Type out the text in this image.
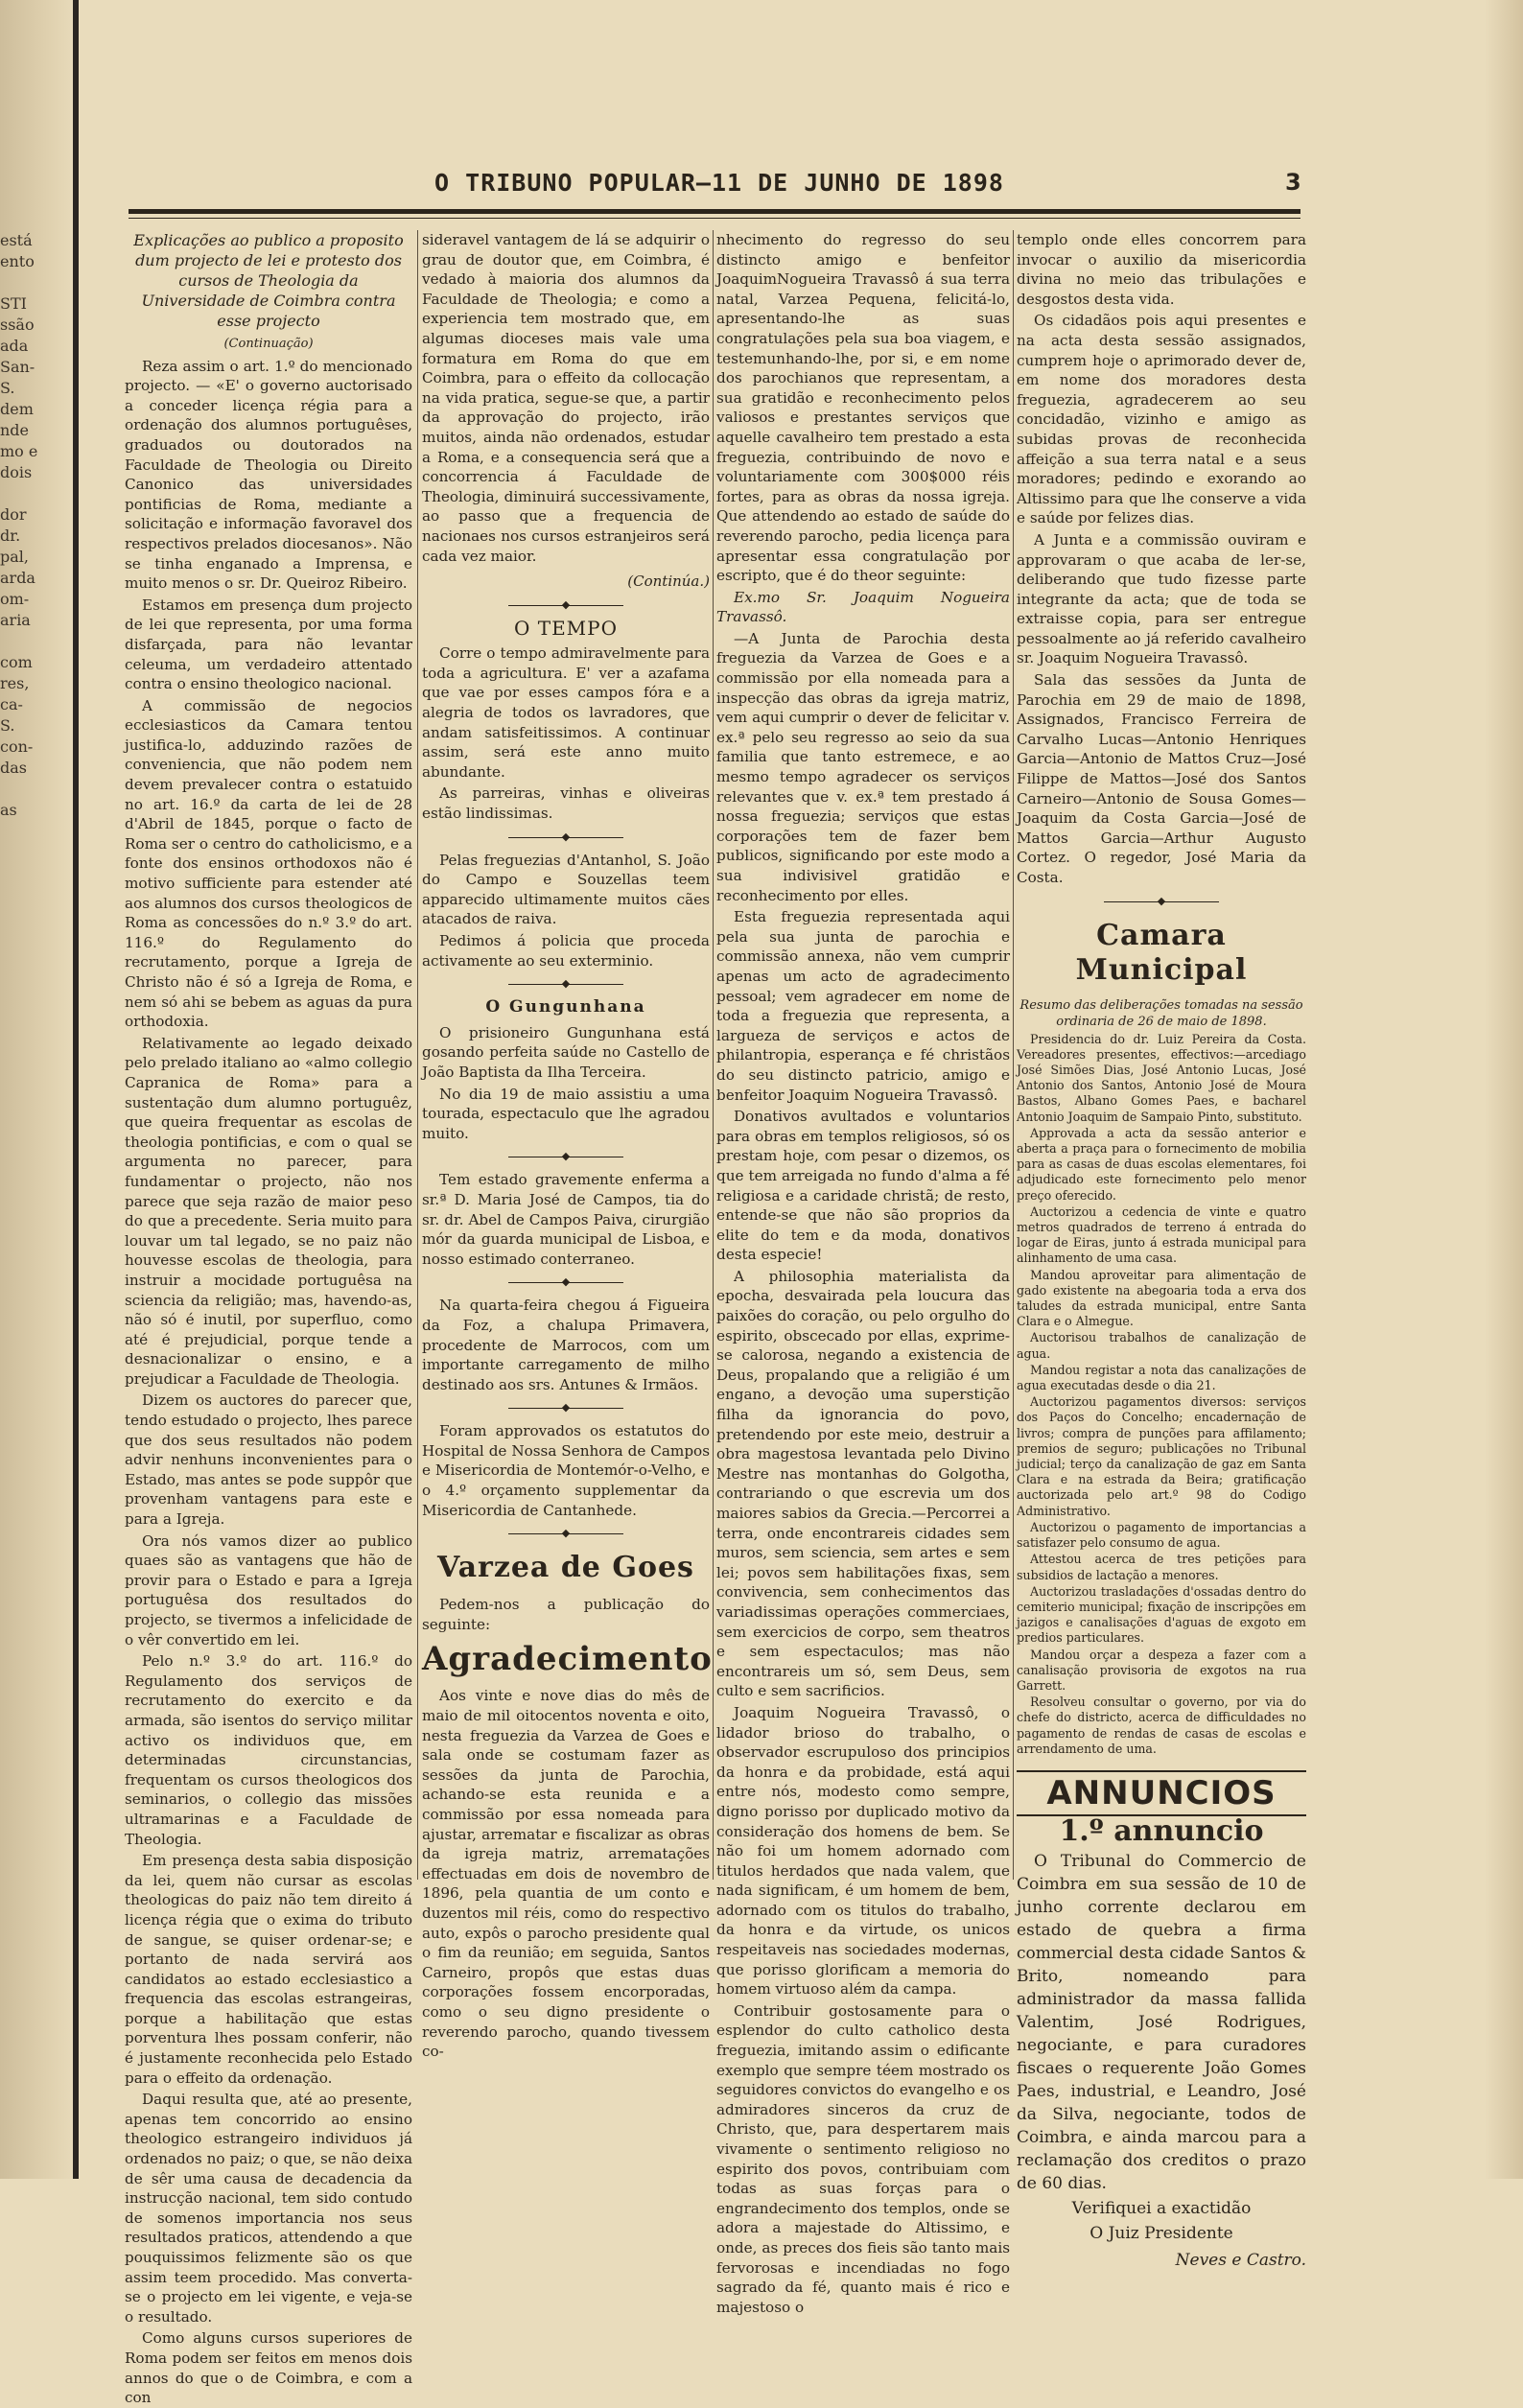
está
ento

STI
ssão
ada
San-
S.
dem
nde
mo e
dois

dor
dr.
pal,
arda
om-
aria

com
res,
ca-
S.
con-
das

as
O TRIBUNO POPULAR—11 DE JUNHO DE 1898	3
Explicações ao publico a proposito dum projecto de lei e protesto dos cursos de Theologia da Universidade de Coimbra contra esse projecto

(Continuação)

Reza assim o art. 1.º do mencionado projecto. — «E' o governo auctorisado a conceder licença régia para a ordenação dos alumnos portuguêses, graduados ou doutorados na Faculdade de Theologia ou Direito Canonico das universidades pontificias de Roma, mediante a solicitação e informação favoravel dos respectivos prelados diocesanos». Não se tinha enganado a Imprensa, e muito menos o sr. Dr. Queiroz Ribeiro.

Estamos em presença dum projecto de lei que representa, por uma forma disfarçada, para não levantar celeuma, um verdadeiro attentado contra o ensino theologico nacional.

A commissão de negocios ecclesiasticos da Camara tentou justifica-lo, adduzindo razões de conveniencia, que não podem nem devem prevalecer contra o estatuido no art. 16.º da carta de lei de 28 d'Abril de 1845, porque o facto de Roma ser o centro do catholicismo, e a fonte dos ensinos orthodoxos não é motivo sufficiente para estender até aos alumnos dos cursos theologicos de Roma as concessões do n.º 3.º do art. 116.º do Regulamento do recrutamento, porque a Igreja de Christo não é só a Igreja de Roma, e nem só ahi se bebem as aguas da pura orthodoxia.

Relativamente ao legado deixado pelo prelado italiano ao «almo collegio Capranica de Roma» para a sustentação dum alumno portuguêz, que queira frequentar as escolas de theologia pontificias, e com o qual se argumenta no parecer, para fundamentar o projecto, não nos parece que seja razão de maior peso do que a precedente. Seria muito para louvar um tal legado, se no paiz não houvesse escolas de theologia, para instruir a mocidade portuguêsa na sciencia da religião; mas, havendo-as, não só é inutil, por superfluo, como até é prejudicial, porque tende a desnacionalizar o ensino, e a prejudicar a Faculdade de Theologia.

Dizem os auctores do parecer que, tendo estudado o projecto, lhes parece que dos seus resultados não podem advir nenhuns inconvenientes para o Estado, mas antes se pode suppôr que provenham vantagens para este e para a Igreja.

Ora nós vamos dizer ao publico quaes são as vantagens que hão de provir para o Estado e para a Igreja portuguêsa dos resultados do projecto, se tivermos a infelicidade de o vêr convertido em lei.

Pelo n.º 3.º do art. 116.º do Regulamento dos serviços de recrutamento do exercito e da armada, são isentos do serviço militar activo os individuos que, em determinadas circunstancias, frequentam os cursos theologicos dos seminarios, o collegio das missões ultramarinas e a Faculdade de Theologia.

Em presença desta sabia disposição da lei, quem não cursar as escolas theologicas do paiz não tem direito á licença régia que o exima do tributo de sangue, se quiser ordenar-se; e portanto de nada servirá aos candidatos ao estado ecclesiastico a frequencia das escolas estrangeiras, porque a habilitação que estas porventura lhes possam conferir, não é justamente reconhecida pelo Estado para o effeito da ordenação.

Daqui resulta que, até ao presente, apenas tem concorrido ao ensino theologico estrangeiro individuos já ordenados no paiz; o que, se não deixa de sêr uma causa de decadencia da instrucção nacional, tem sido contudo de somenos importancia nos seus resultados praticos, attendendo a que pouquissimos felizmente são os que assim teem procedido. Mas converta-se o projecto em lei vigente, e veja-se o resultado.

Como alguns cursos superiores de Roma podem ser feitos em menos dois annos do que o de Coimbra, e com a con

sideravel vantagem de lá se adquirir o grau de doutor que, em Coimbra, é vedado à maioria dos alumnos da Faculdade de Theologia; e como a experiencia tem mostrado que, em algumas dioceses mais vale uma formatura em Roma do que em Coimbra, para o effeito da collocação na vida pratica, segue-se que, a partir da approvação do projecto, irão muitos, ainda não ordenados, estudar a Roma, e a consequencia será que a concorrencia á Faculdade de Theologia, diminuirá successivamente, ao passo que a frequencia de nacionaes nos cursos estranjeiros será cada vez maior.

(Continúa.)

◆
O TEMPO

Corre o tempo admiravelmente para toda a agricultura. E' ver a azafama que vae por esses campos fóra e a alegria de todos os lavradores, que andam satisfeitissimos. A continuar assim, será este anno muito abundante.

As parreiras, vinhas e oliveiras estão lindissimas.

◆

Pelas freguezias d'Antanhol, S. João do Campo e Souzellas teem apparecido ultimamente muitos cães atacados de raiva.

Pedimos á policia que proceda activamente ao seu exterminio.

◆
O Gungunhana

O prisioneiro Gungunhana está gosando perfeita saúde no Castello de João Baptista da Ilha Terceira.

No dia 19 de maio assistiu a uma tourada, espectaculo que lhe agradou muito.

◆

Tem estado gravemente enferma a sr.ª D. Maria José de Campos, tia do sr. dr. Abel de Campos Paiva, cirurgião mór da guarda municipal de Lisboa, e nosso estimado conterraneo.

◆

Na quarta-feira chegou á Figueira da Foz, a chalupa Primavera, procedente de Marrocos, com um importante carregamento de milho destinado aos srs. Antunes & Irmãos.

◆

Foram approvados os estatutos do Hospital de Nossa Senhora de Campos e Misericordia de Montemór-o-Velho, e o 4.º orçamento supplementar da Misericordia de Cantanhede.

◆
Varzea de Goes

Pedem-nos a publicação do seguinte:

Agradecimento

Aos vinte e nove dias do mês de maio de mil oitocentos noventa e oito, nesta freguezia da Varzea de Goes e sala onde se costumam fazer as sessões da junta de Parochia, achando-se esta reunida e a commissão por essa nomeada para ajustar, arrematar e fiscalizar as obras da igreja matriz, arrematações effectuadas em dois de novembro de 1896, pela quantia de um conto e duzentos mil réis, como do respectivo auto, expôs o parocho presidente qual o fim da reunião; em seguida, Santos Carneiro, propôs que estas duas corporações fossem encorporadas, como o seu digno presidente o reverendo parocho, quando tivessem co-

nhecimento do regresso do seu distincto amigo e benfeitor JoaquimNogueira Travassô á sua terra natal, Varzea Pequena, felicitá-lo, apresentando-lhe as suas congratulações pela sua boa viagem, e testemunhando-lhe, por si, e em nome dos parochianos que representam, a sua gratidão e reconhecimento pelos valiosos e prestantes serviços que aquelle cavalheiro tem prestado a esta freguezia, contribuindo de novo e voluntariamente com 300$000 réis fortes, para as obras da nossa igreja. Que attendendo ao estado de saúde do reverendo parocho, pedia licença para apresentar essa congratulação por escripto, que é do theor seguinte:

Ex.mo Sr. Joaquim Nogueira Travassô.

—A Junta de Parochia desta freguezia da Varzea de Goes e a commissão por ella nomeada para a inspecção das obras da igreja matriz, vem aqui cumprir o dever de felicitar v. ex.ª pelo seu regresso ao seio da sua familia que tanto estremece, e ao mesmo tempo agradecer os serviços relevantes que v. ex.ª tem prestado á nossa freguezia; serviços que estas corporações tem de fazer bem publicos, significando por este modo a sua indivisivel gratidão e reconhecimento por elles.

Esta freguezia representada aqui pela sua junta de parochia e commissão annexa, não vem cumprir apenas um acto de agradecimento pessoal; vem agradecer em nome de toda a freguezia que representa, a largueza de serviços e actos de philantropia, esperança e fé christãos do seu distincto patricio, amigo e benfeitor Joaquim Nogueira Travassô.

Donativos avultados e voluntarios para obras em templos religiosos, só os prestam hoje, com pesar o dizemos, os que tem arreigada no fundo d'alma a fé religiosa e a caridade christã; de resto, entende-se que não são proprios da elite do tem e da moda, donativos desta especie!

A philosophia materialista da epocha, desvairada pela loucura das paixões do coração, ou pelo orgulho do espirito, obscecado por ellas, exprime-se calorosa, negando a existencia de Deus, propalando que a religião é um engano, a devoção uma superstição filha da ignorancia do povo, pretendendo por este meio, destruir a obra magestosa levantada pelo Divino Mestre nas montanhas do Golgotha, contrariando o que escrevia um dos maiores sabios da Grecia.—Percorrei a terra, onde encontrareis cidades sem muros, sem sciencia, sem artes e sem lei; povos sem habilitações fixas, sem convivencia, sem conhecimentos das variadissimas operações commerciaes, sem exercicios de corpo, sem theatros e sem espectaculos; mas não encontrareis um só, sem Deus, sem culto e sem sacrificios.

Joaquim Nogueira Travassô, o lidador brioso do trabalho, o observador escrupuloso dos principios da honra e da probidade, está aqui entre nós, modesto como sempre, digno porisso por duplicado motivo da consideração dos homens de bem. Se não foi um homem adornado com titulos herdados que nada valem, que nada significam, é um homem de bem, adornado com os titulos do trabalho, da honra e da virtude, os unicos respeitaveis nas sociedades modernas, que porisso glorificam a memoria do homem virtuoso além da campa.

Contribuir gostosamente para o esplendor do culto catholico desta freguezia, imitando assim o edificante exemplo que sempre téem mostrado os seguidores convictos do evangelho e os admiradores sinceros da cruz de Christo, que, para despertarem mais vivamente o sentimento religioso no espirito dos povos, contribuiam com todas as suas forças para o engrandecimento dos templos, onde se adora a majestade do Altissimo, e onde, as preces dos fieis são tanto mais fervorosas e incendiadas no fogo sagrado da fé, quanto mais é rico e majestoso o

templo onde elles concorrem para invocar o auxilio da misericordia divina no meio das tribulações e desgostos desta vida.

Os cidadãos pois aqui presentes e na acta desta sessão assignados, cumprem hoje o aprimorado dever de, em nome dos moradores desta freguezia, agradecerem ao seu concidadão, vizinho e amigo as subidas provas de reconhecida affeição a sua terra natal e a seus moradores; pedindo e exorando ao Altissimo para que lhe conserve a vida e saúde por felizes dias.

A Junta e a commissão ouviram e approvaram o que acaba de ler-se, deliberando que tudo fizesse parte integrante da acta; que de toda se extraisse copia, para ser entregue pessoalmente ao já referido cavalheiro sr. Joaquim Nogueira Travassô.

Sala das sessões da Junta de Parochia em 29 de maio de 1898, Assignados, Francisco Ferreira de Carvalho Lucas—Antonio Henriques Garcia—Antonio de Mattos Cruz—José Filippe de Mattos—José dos Santos Carneiro—Antonio de Sousa Gomes—Joaquim da Costa Garcia—José de Mattos Garcia—Arthur Augusto Cortez. O regedor, José Maria da Costa.

◆
Camara Municipal

Resumo das deliberações tomadas na sessão ordinaria de 26 de maio de 1898.

Presidencia do dr. Luiz Pereira da Costa. Vereadores presentes, effectivos:—arcediago José Simões Dias, José Antonio Lucas, José Antonio dos Santos, Antonio José de Moura Bastos, Albano Gomes Paes, e bacharel Antonio Joaquim de Sampaio Pinto, substituto.

Approvada a acta da sessão anterior e aberta a praça para o fornecimento de mobilia para as casas de duas escolas elementares, foi adjudicado este fornecimento pelo menor preço oferecido.

Auctorizou a cedencia de vinte e quatro metros quadrados de terreno á entrada do logar de Eiras, junto á estrada municipal para alinhamento de uma casa.

Mandou aproveitar para alimentação de gado existente na abegoaria toda a erva dos taludes da estrada municipal, entre Santa Clara e o Almegue.

Auctorisou trabalhos de canalização de agua.

Mandou registar a nota das canalizações de agua executadas desde o dia 21.

Auctorizou pagamentos diversos: serviços dos Paços do Concelho; encadernação de livros; compra de punções para affilamento; premios de seguro; publicações no Tribunal judicial; terço da canalização de gaz em Santa Clara e na estrada da Beira; gratificação auctorizada pelo art.º 98 do Codigo Administrativo.

Auctorizou o pagamento de importancias a satisfazer pelo consumo de agua.

Attestou acerca de tres petições para subsidios de lactação a menores.

Auctorizou trasladações d'ossadas dentro do cemiterio municipal; fixação de inscripções em jazigos e canalisações d'aguas de exgoto em predios particulares.

Mandou orçar a despeza a fazer com a canalisação provisoria de exgotos na rua Garrett.

Resolveu consultar o governo, por via do chefe do districto, acerca de difficuldades no pagamento de rendas de casas de escolas e arrendamento de uma.

ANNUNCIOS
1.º annuncio

O Tribunal do Commercio de Coimbra em sua sessão de 10 de junho corrente declarou em estado de quebra a firma commercial desta cidade Santos & Brito, nomeando para administrador da massa fallida Valentim, José Rodrigues, negociante, e para curadores fiscaes o requerente João Gomes Paes, industrial, e Leandro, José da Silva, negociante, todos de Coimbra, e ainda marcou para a reclamação dos creditos o prazo de 60 dias.

Verifiquei a exactidão

O Juiz Presidente

Neves e Castro.
